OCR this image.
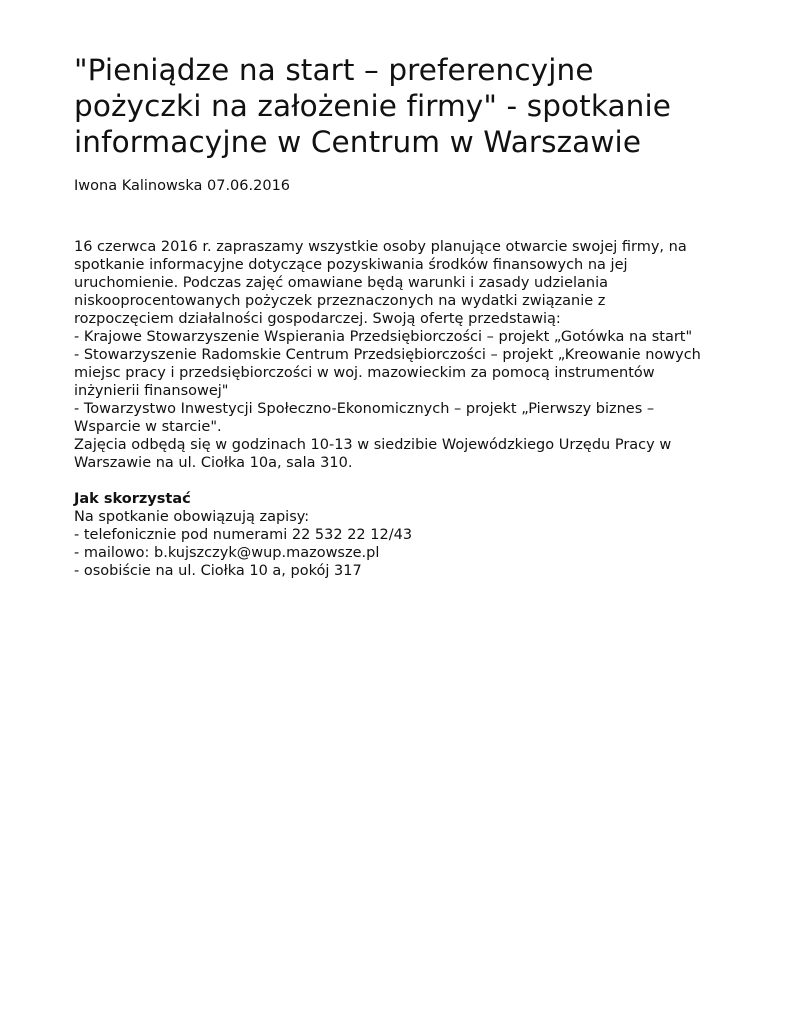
"Pieniądze na start – preferencyjne
pożyczki na założenie firmy" - spotkanie
informacyjne w Centrum w Warszawie

Iwona Kalinowska 07.06.2016

16 czerwca 2016 r. zapraszamy wszystkie osoby planujące otwarcie swojej firmy, na
spotkanie informacyjne dotyczące pozyskiwania środków finansowych na jej
uruchomienie. Podczas zajęć omawiane będą warunki i zasady udzielania
niskooprocentowanych pożyczek przeznaczonych na wydatki związanie z
rozpoczęciem działalności gospodarczej. Swoją ofertę przedstawią:
- Krajowe Stowarzyszenie Wspierania Przedsiębiorczości – projekt „Gotówka na start"
- Stowarzyszenie Radomskie Centrum Przedsiębiorczości – projekt „Kreowanie nowych
miejsc pracy i przedsiębiorczości w woj. mazowieckim za pomocą instrumentów
inżynierii finansowej"
- Towarzystwo Inwestycji Społeczno-Ekonomicznych – projekt „Pierwszy biznes –
Wsparcie w starcie".
Zajęcia odbędą się w godzinach 10-13 w siedzibie Wojewódzkiego Urzędu Pracy w
Warszawie na ul. Ciołka 10a, sala 310.
Jak skorzystać
Na spotkanie obowiązują zapisy:
- telefonicznie pod numerami 22 532 22 12/43
- mailowo: b.kujszczyk@wup.mazowsze.pl
- osobiście na ul. Ciołka 10 a, pokój 317
